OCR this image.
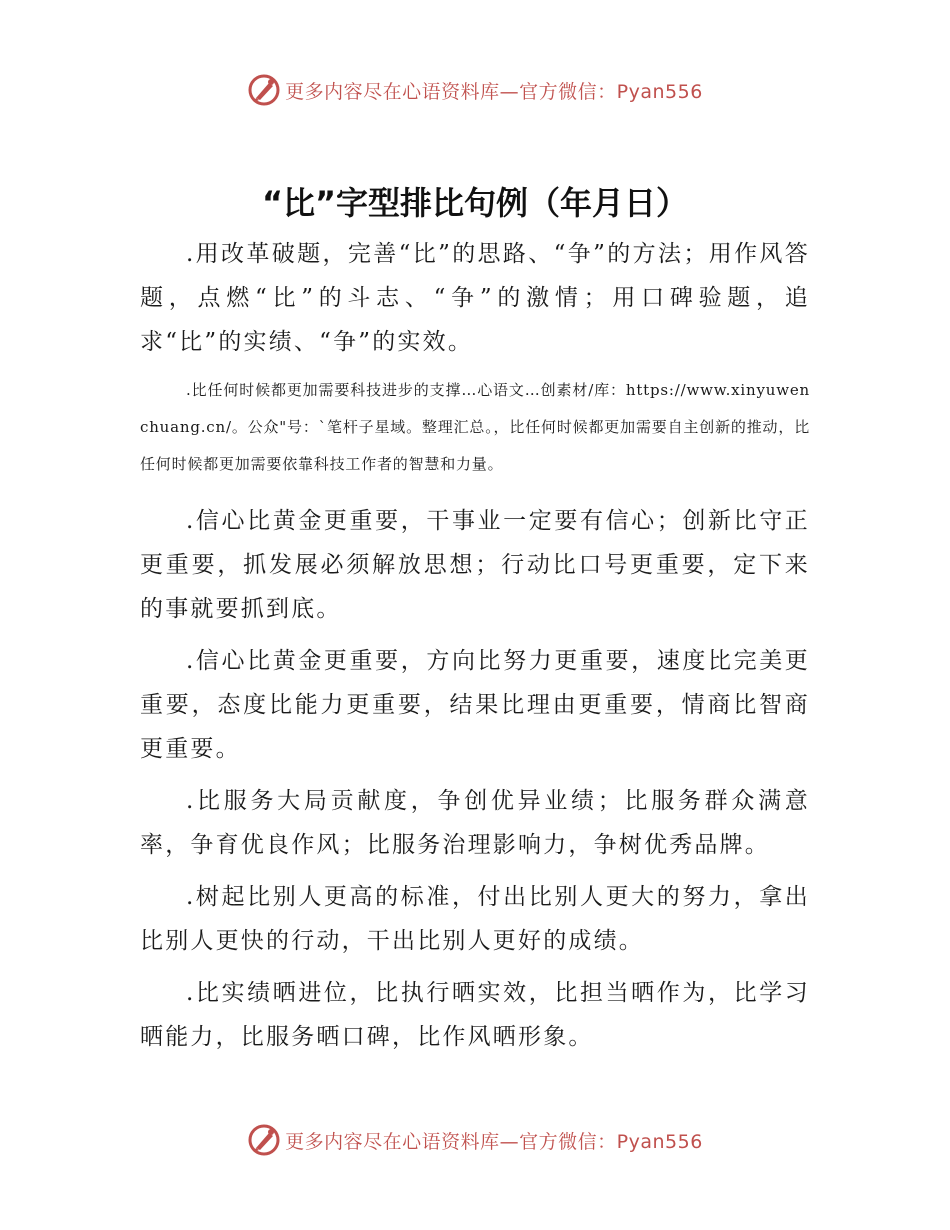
更多内容尽在心语资料库—官方微信：Pyan556
“比”字型排比句例（年月日）

.用改革破题，完善“比”的思路、“争”的方法；用作风答题，点燃“比”的斗志、“争”的激情；用口碑验题，追求“比”的实绩、“争”的实效。

.比任何时候都更加需要科技进步的支撑…心语文…创素材/库：https://www.xinyuwenchuang.cn/。公众"号：`笔杆子星域。整理汇总。，比任何时候都更加需要自主创新的推动，比任何时候都更加需要依靠科技工作者的智慧和力量。

.信心比黄金更重要，干事业一定要有信心；创新比守正更重要，抓发展必须解放思想；行动比口号更重要，定下来的事就要抓到底。

.信心比黄金更重要，方向比努力更重要，速度比完美更重要，态度比能力更重要，结果比理由更重要，情商比智商更重要。

.比服务大局贡献度，争创优异业绩；比服务群众满意率，争育优良作风；比服务治理影响力，争树优秀品牌。

.树起比别人更高的标准，付出比别人更大的努力，拿出比别人更快的行动，干出比别人更好的成绩。

.比实绩晒进位，比执行晒实效，比担当晒作为，比学习晒能力，比服务晒口碑，比作风晒形象。

更多内容尽在心语资料库—官方微信：Pyan556
